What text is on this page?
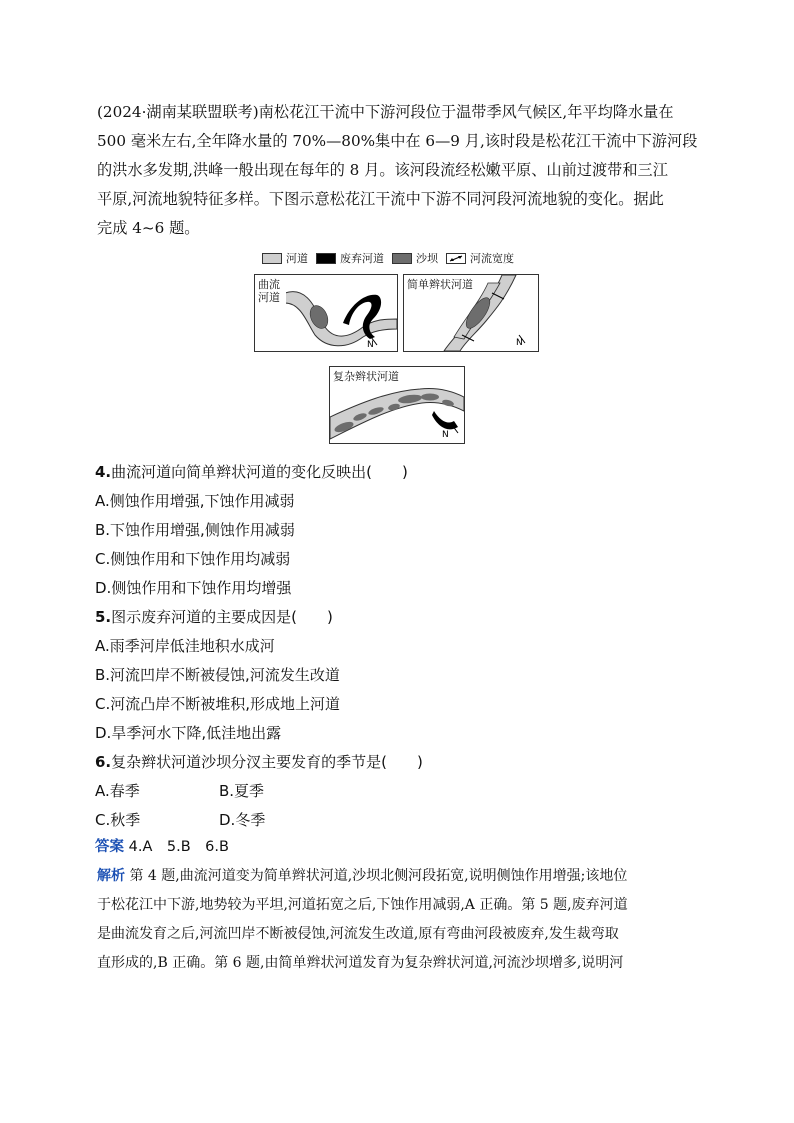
(2024·湖南某联盟联考)南松花江干流中下游河段位于温带季风气候区,年平均降水量在
500 毫米左右,全年降水量的 70%—80%集中在 6—9 月,该时段是松花江干流中下游河段
的洪水多发期,洪峰一般出现在每年的 8 月。该河段流经松嫩平原、山前过渡带和三江
平原,河流地貌特征多样。下图示意松花江干流中下游不同河段河流地貌的变化。据此
完成 4~6 题。
河道	废弃河道	沙坝	河流宽度
N
曲流河道
N
简单辫状河道
N
复杂辫状河道
4.曲流河道向简单辫状河道的变化反映出(　　)
A.侧蚀作用增强,下蚀作用减弱
B.下蚀作用增强,侧蚀作用减弱
C.侧蚀作用和下蚀作用均减弱
D.侧蚀作用和下蚀作用均增强
5.图示废弃河道的主要成因是(　　)
A.雨季河岸低洼地积水成河
B.河流凹岸不断被侵蚀,河流发生改道
C.河流凸岸不断被堆积,形成地上河道
D.旱季河水下降,低洼地出露
6.复杂辫状河道沙坝分汊主要发育的季节是(　　)
A.春季	B.夏季
C.秋季	D.冬季
答案 4.A　5.B　6.B
解析 第 4 题,曲流河道变为简单辫状河道,沙坝北侧河段拓宽,说明侧蚀作用增强;该地位
于松花江中下游,地势较为平坦,河道拓宽之后,下蚀作用减弱,A 正确。第 5 题,废弃河道
是曲流发育之后,河流凹岸不断被侵蚀,河流发生改道,原有弯曲河段被废弃,发生裁弯取
直形成的,B 正确。第 6 题,由简单辫状河道发育为复杂辫状河道,河流沙坝增多,说明河
